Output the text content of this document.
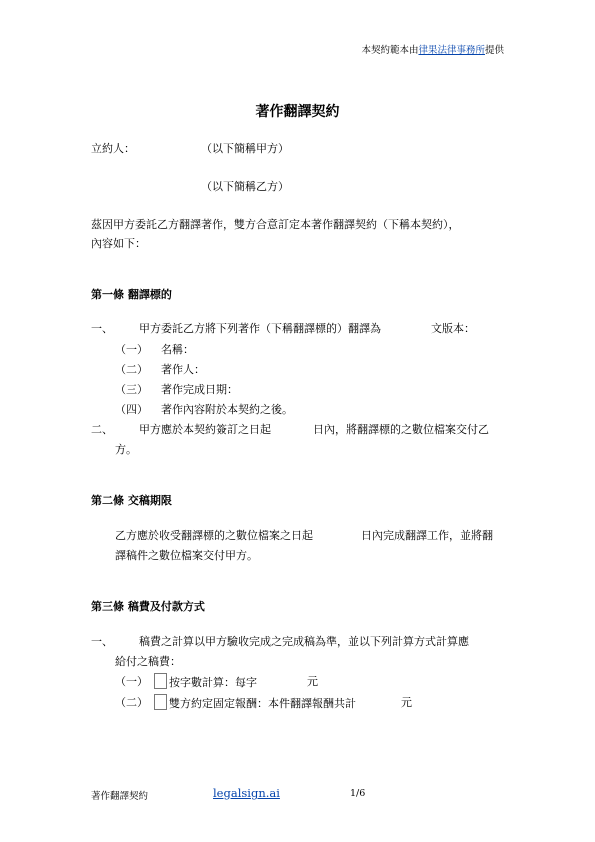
本契約範本由律果法律事務所提供
著作翻譯契約
立約人：	（以下簡稱甲方）
（以下簡稱乙方）
茲因甲方委託乙方翻譯著作，雙方合意訂定本著作翻譯契約（下稱本契約），
內容如下：
第一條 翻譯標的
一、 甲方委託乙方將下列著作（下稱翻譯標的）翻譯為	文版本：
（一） 名稱：
（二） 著作人：
（三） 著作完成日期：
（四） 著作內容附於本契約之後。
二、 甲方應於本契約簽訂之日起	日內，將翻譯標的之數位檔案交付乙
方。
第二條 交稿期限
乙方應於收受翻譯標的之數位檔案之日起	日內完成翻譯工作，並將翻
譯稿件之數位檔案交付甲方。
第三條 稿費及付款方式
一、 稿費之計算以甲方驗收完成之完成稿為準，並以下列計算方式計算應
給付之稿費：
（一）	按字數計算：每字	元
（二）	雙方約定固定報酬：本件翻譯報酬共計	元
著作翻譯契約	legalsign.ai	1/6
